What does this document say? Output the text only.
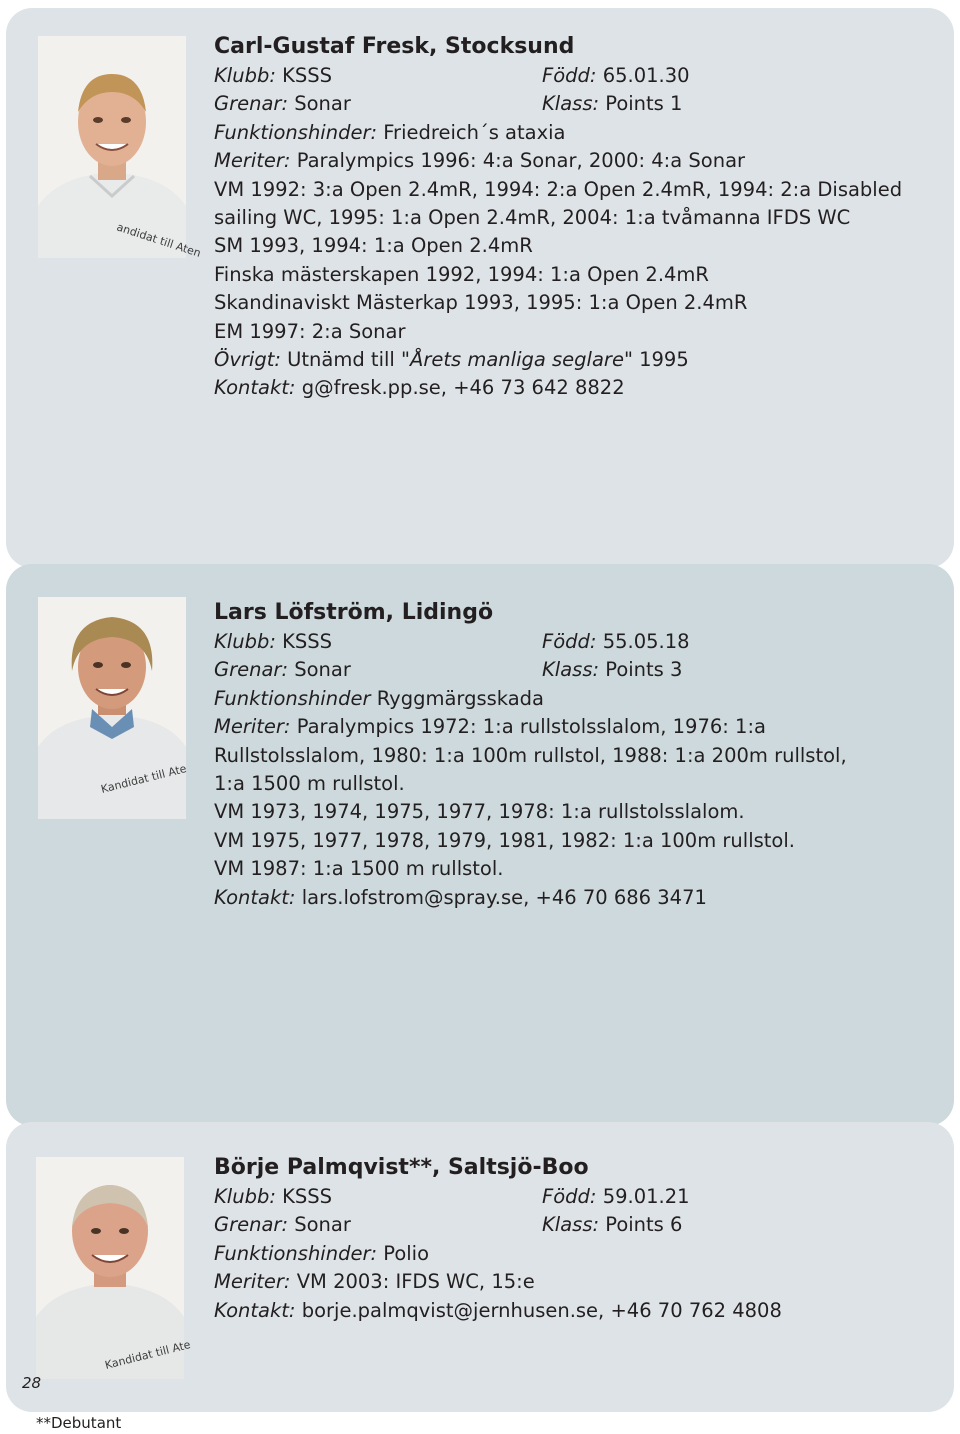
andidat till Aten
Carl-Gustaf Fresk, Stocksund
Klubb: KSSS	Född: 65.01.30
Grenar: Sonar	Klass: Points 1
Funktionshinder: Friedreich´s ataxia
Meriter: Paralympics 1996: 4:a Sonar, 2000: 4:a Sonar
VM 1992: 3:a Open 2.4mR, 1994: 2:a Open 2.4mR, 1994: 2:a Disabled
sailing WC, 1995: 1:a Open 2.4mR, 2004: 1:a tvåmanna IFDS WC
SM 1993, 1994: 1:a Open 2.4mR
Finska mästerskapen 1992, 1994: 1:a Open 2.4mR
Skandinaviskt Mästerkap 1993, 1995: 1:a Open 2.4mR
EM 1997: 2:a Sonar
Övrigt: Utnämd till "Årets manliga seglare" 1995
Kontakt: g@fresk.pp.se, +46 73 642 8822
Kandidat till Ate
Lars Löfström, Lidingö
Klubb: KSSS	Född: 55.05.18
Grenar: Sonar	Klass: Points 3
Funktionshinder Ryggmärgsskada
Meriter: Paralympics 1972: 1:a rullstolsslalom, 1976: 1:a
Rullstolsslalom, 1980: 1:a 100m rullstol, 1988: 1:a 200m rullstol,
1:a 1500 m rullstol.
VM 1973, 1974, 1975, 1977, 1978: 1:a rullstolsslalom.
VM 1975, 1977, 1978, 1979, 1981, 1982: 1:a 100m rullstol.
VM 1987: 1:a 1500 m rullstol.
Kontakt: lars.lofstrom@spray.se, +46 70 686 3471
Kandidat till Ate
Börje Palmqvist**, Saltsjö-Boo
Klubb: KSSS	Född: 59.01.21
Grenar: Sonar	Klass: Points 6
Funktionshinder: Polio
Meriter: VM 2003: IFDS WC, 15:e
Kontakt: borje.palmqvist@jernhusen.se, +46 70 762 4808
28
**Debutant
